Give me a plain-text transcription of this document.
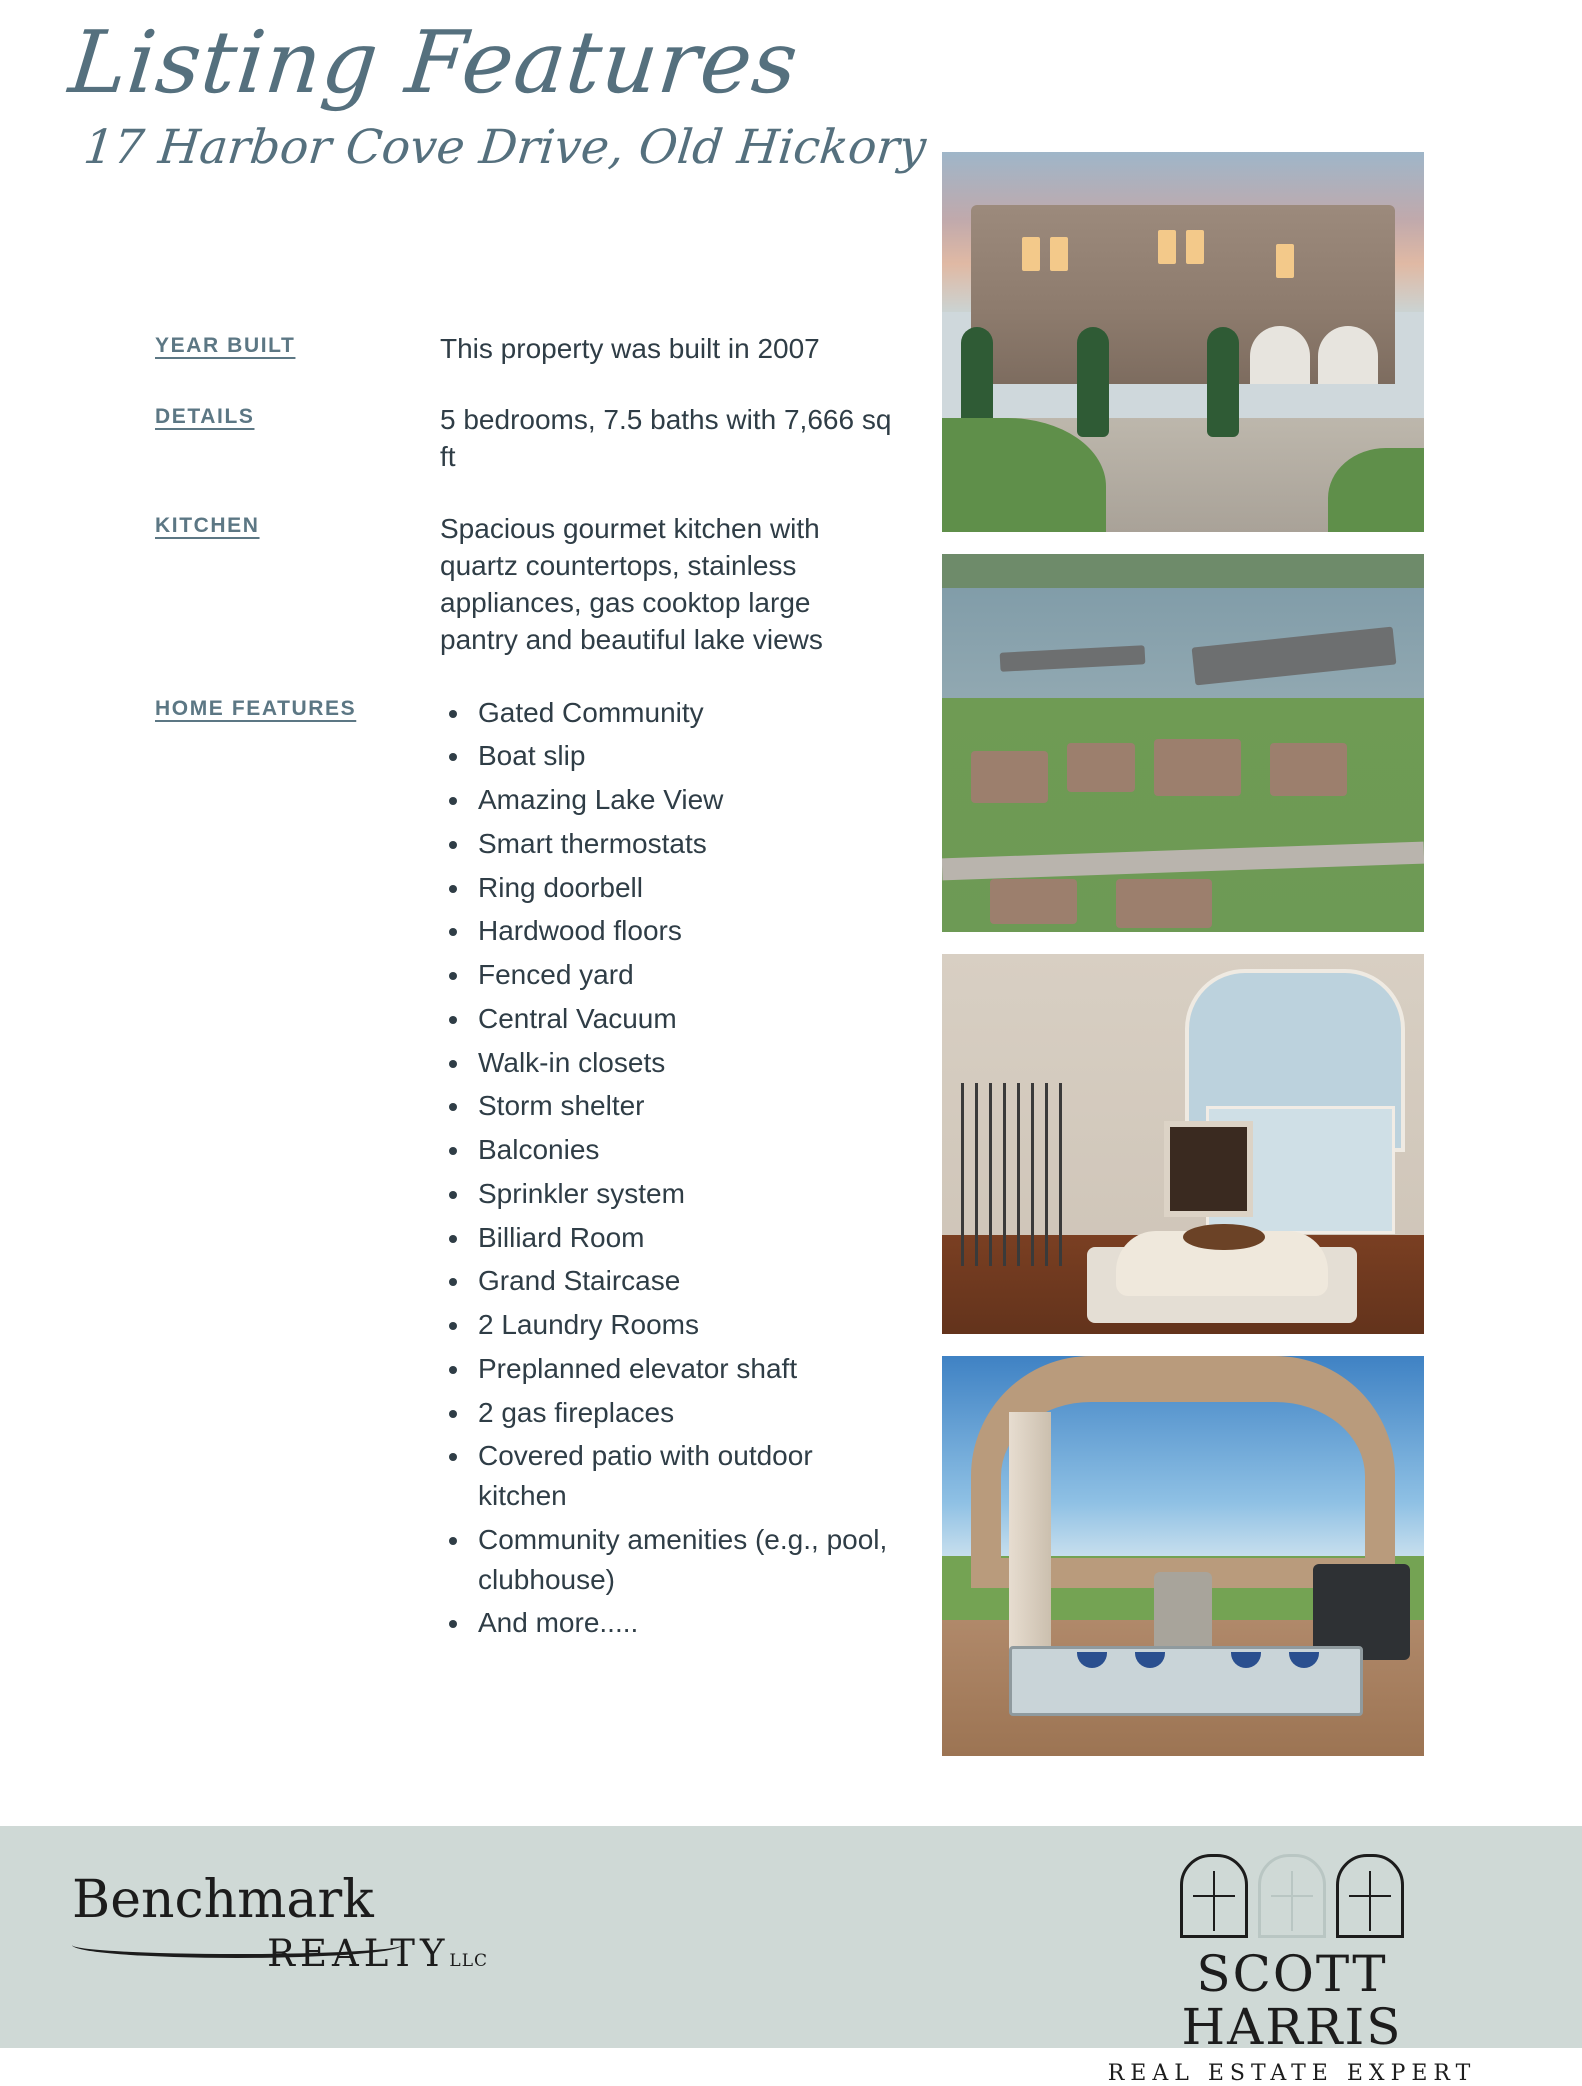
Listing Features
17 Harbor Cove Drive, Old Hickory
YEAR BUILT	This property was built in 2007
DETAILS	5 bedrooms, 7.5 baths with 7,666 sq ft
KITCHEN	Spacious gourmet kitchen with quartz countertops, stainless appliances, gas cooktop large pantry and beautiful lake views
HOME FEATURES	• Gated Community
• Boat slip
• Amazing Lake View
• Smart thermostats
• Ring doorbell
• Hardwood floors
• Fenced yard
• Central Vacuum
• Walk-in closets
• Storm shelter
• Balconies
• Sprinkler system
• Billiard Room
• Grand Staircase
• 2 Laundry Rooms
• Preplanned elevator shaft
• 2 gas fireplaces
• Covered patio with outdoor kitchen
• Community amenities (e.g., pool, clubhouse)
• And more.....
Benchmark
REALTYLLC	SCOTT HARRIS
REAL ESTATE EXPERT
